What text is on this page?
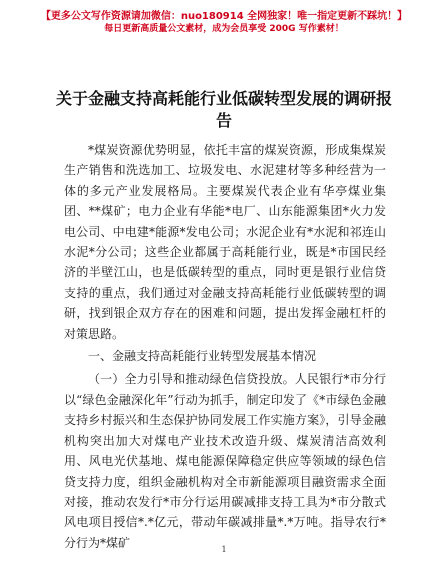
【更多公文写作资源请加微信：nuo180914 全网独家！唯一指定更新不踩坑！】
每日更新高质量公文素材，成为会员享受 200G 写作素材！
关于金融支持高耗能行业低碳转型发展的调研报告

*煤炭资源优势明显，依托丰富的煤炭资源，形成集煤炭生产销售和洗选加工、垃圾发电、水泥建材等多种经营为一体的多元产业发展格局。主要煤炭代表企业有华亭煤业集团、**煤矿；电力企业有华能*电厂、山东能源集团*火力发电公司、中电建*能源*发电公司；水泥企业有*水泥和祁连山水泥*分公司；这些企业都属于高耗能行业，既是*市国民经济的半壁江山，也是低碳转型的重点，同时更是银行业信贷支持的重点，我们通过对金融支持高耗能行业低碳转型的调研，找到银企双方存在的困难和问题，提出发挥金融杠杆的对策思路。

一、金融支持高耗能行业转型发展基本情况

（一）全力引导和推动绿色信贷投放。人民银行*市分行以“绿色金融深化年”行动为抓手，制定印发了《*市绿色金融支持乡村振兴和生态保护协同发展工作实施方案》，引导金融机构突出加大对煤电产业技术改造升级、煤炭清洁高效利用、风电光伏基地、煤电能源保障稳定供应等领域的绿色信贷支持力度，组织金融机构对全市新能源项目融资需求全面对接，推动农发行*市分行运用碳减排支持工具为*市分散式风电项目授信*.*亿元，带动年碳减排量*.*万吨。指导农行*分行为*煤矿	1
